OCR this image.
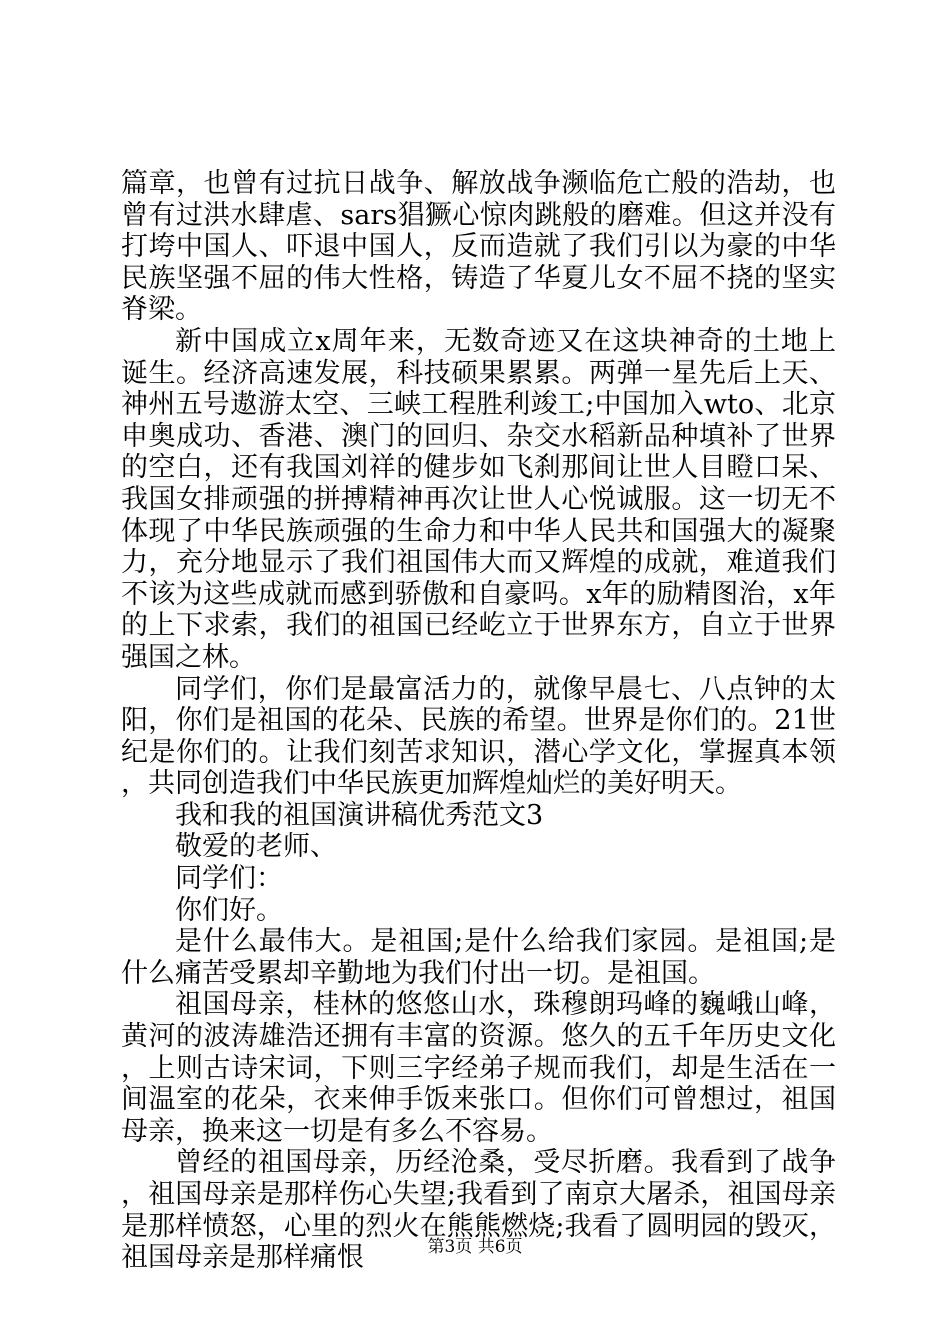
篇章，也曾有过抗日战争、解放战争濒临危亡般的浩劫，也曾有过洪水肆虐、sars猖獗心惊肉跳般的磨难。但这并没有打垮中国人、吓退中国人，反而造就了我们引以为豪的中华民族坚强不屈的伟大性格，铸造了华夏儿女不屈不挠的坚实脊梁。

新中国成立x周年来，无数奇迹又在这块神奇的土地上诞生。经济高速发展，科技硕果累累。两弹一星先后上天、神州五号遨游太空、三峡工程胜利竣工;中国加入wto、北京申奥成功、香港、澳门的回归、杂交水稻新品种填补了世界的空白，还有我国刘祥的健步如飞刹那间让世人目瞪口呆、我国女排顽强的拼搏精神再次让世人心悦诚服。这一切无不体现了中华民族顽强的生命力和中华人民共和国强大的凝聚力，充分地显示了我们祖国伟大而又辉煌的成就，难道我们不该为这些成就而感到骄傲和自豪吗。x年的励精图治，x年的上下求索，我们的祖国已经屹立于世界东方，自立于世界强国之林。

同学们，你们是最富活力的，就像早晨七、八点钟的太阳，你们是祖国的花朵、民族的希望。世界是你们的。21世纪是你们的。让我们刻苦求知识，潜心学文化，掌握真本领，共同创造我们中华民族更加辉煌灿烂的美好明天。

我和我的祖国演讲稿优秀范文3

敬爱的老师、

同学们：

你们好。

是什么最伟大。是祖国;是什么给我们家园。是祖国;是什么痛苦受累却辛勤地为我们付出一切。是祖国。

祖国母亲，桂林的悠悠山水，珠穆朗玛峰的巍峨山峰，黄河的波涛雄浩还拥有丰富的资源。悠久的五千年历史文化，上则古诗宋词，下则三字经弟子规而我们，却是生活在一间温室的花朵，衣来伸手饭来张口。但你们可曾想过，祖国母亲，换来这一切是有多么不容易。

曾经的祖国母亲，历经沧桑，受尽折磨。我看到了战争，祖国母亲是那样伤心失望;我看到了南京大屠杀，祖国母亲是那样愤怒，心里的烈火在熊熊燃烧;我看了圆明园的毁灭，祖国母亲是那样痛恨	第3页 共6页
